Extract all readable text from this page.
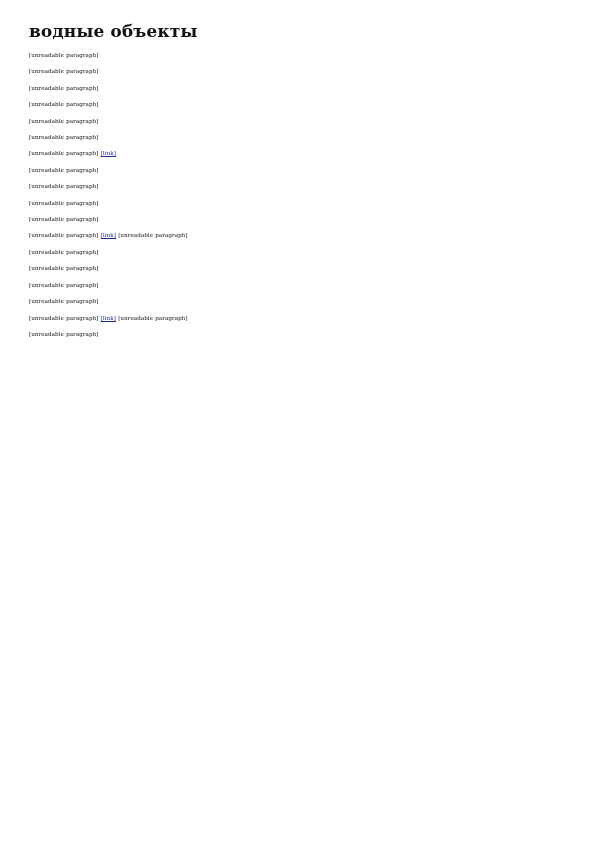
водные объекты

[unreadable paragraph]

[unreadable paragraph]

[unreadable paragraph]

[unreadable paragraph]

[unreadable paragraph]

[unreadable paragraph]

[unreadable paragraph] [link]

[unreadable paragraph]

[unreadable paragraph]

[unreadable paragraph]

[unreadable paragraph]

[unreadable paragraph] [link] [unreadable paragraph]

[unreadable paragraph]

[unreadable paragraph]

[unreadable paragraph]

[unreadable paragraph]

[unreadable paragraph] [link] [unreadable paragraph]

[unreadable paragraph]
